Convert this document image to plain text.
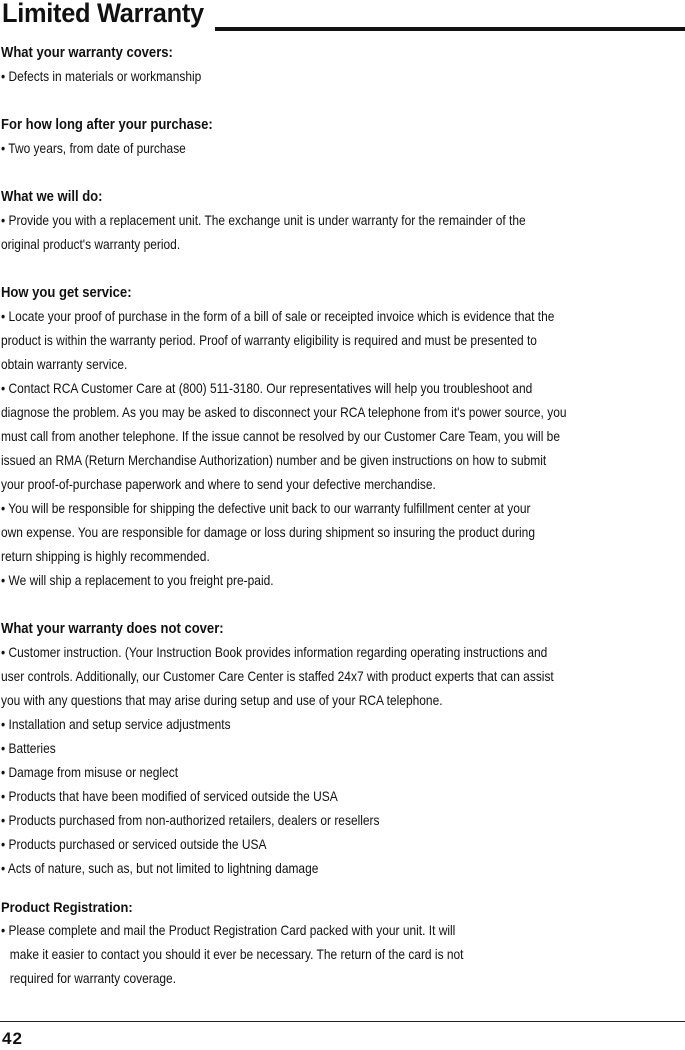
Limited Warranty

What your warranty covers:

• Defects in materials or workmanship

For how long after your purchase:

• Two years, from date of purchase

What we will do:

• Provide you with a replacement unit. The exchange unit is under warranty for the remainder of the

original product's warranty period.

How you get service:

• Locate your proof of purchase in the form of a bill of sale or receipted invoice which is evidence that the

product is within the warranty period. Proof of warranty eligibility is required and must be presented to

obtain warranty service.

• Contact RCA Customer Care at (800) 511-3180. Our representatives will help you troubleshoot and

diagnose the problem. As you may be asked to disconnect your RCA telephone from it's power source, you

must call from another telephone. If the issue cannot be resolved by our Customer Care Team, you will be

issued an RMA (Return Merchandise Authorization) number and be given instructions on how to submit

your proof-of-purchase paperwork and where to send your defective merchandise.

• You will be responsible for shipping the defective unit back to our warranty fulfillment center at your

own expense. You are responsible for damage or loss during shipment so insuring the product during

return shipping is highly recommended.

• We will ship a replacement to you freight pre-paid.

What your warranty does not cover:

• Customer instruction. (Your Instruction Book provides information regarding operating instructions and

user controls. Additionally, our Customer Care Center is staffed 24x7 with product experts that can assist

you with any questions that may arise during setup and use of your RCA telephone.

• Installation and setup service adjustments

• Batteries

• Damage from misuse or neglect

• Products that have been modified of serviced outside the USA

• Products purchased from non-authorized retailers, dealers or resellers

• Products purchased or serviced outside the USA

• Acts of nature, such as, but not limited to lightning damage

Product Registration:

• Please complete and mail the Product Registration Card packed with your unit. It will

make it easier to contact you should it ever be necessary. The return of the card is not

required for warranty coverage.

42
